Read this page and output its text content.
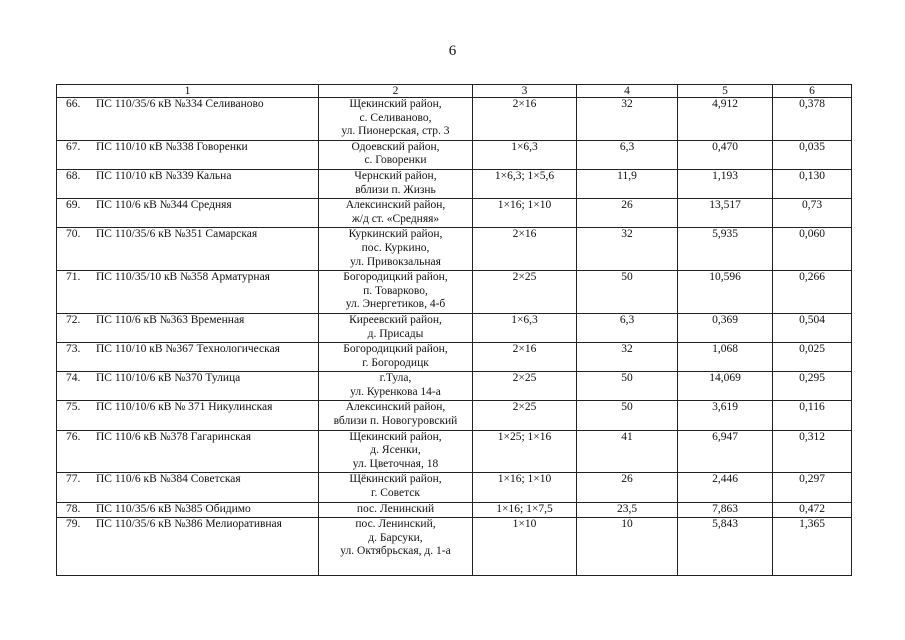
6
1	2	3	4	5	6
66. ПС 110/35/6 кВ №334 Селиваново	Щекинский район,
с. Селиваново,
ул. Пионерская, стр. 3	2×16	32	4,912	0,378
67. ПС 110/10 кВ №338 Говоренки	Одоевский район,
с. Говоренки	1×6,3	6,3	0,470	0,035
68. ПС 110/10 кВ №339 Кальна	Чернский район,
вблизи п. Жизнь	1×6,3; 1×5,6	11,9	1,193	0,130
69. ПС 110/6 кВ №344 Средняя	Алексинский район,
ж/д ст. «Средняя»	1×16; 1×10	26	13,517	0,73
70. ПС 110/35/6 кВ №351 Самарская	Куркинский район,
пос. Куркино,
ул. Привокзальная	2×16	32	5,935	0,060
71. ПС 110/35/10 кВ №358 Арматурная	Богородицкий район,
п. Товарково,
ул. Энергетиков, 4-б	2×25	50	10,596	0,266
72. ПС 110/6 кВ №363 Временная	Киреевский район,
д. Присады	1×6,3	6,3	0,369	0,504
73. ПС 110/10 кВ №367 Технологическая	Богородицкий район,
г. Богородицк	2×16	32	1,068	0,025
74. ПС 110/10/6 кВ №370 Тулица	г.Тула,
ул. Куренкова 14-а	2×25	50	14,069	0,295
75. ПС 110/10/6 кВ № 371 Никулинская	Алексинский район,
вблизи п. Новогуровский	2×25	50	3,619	0,116
76. ПС 110/6 кВ №378 Гагаринская	Щекинский район,
д. Ясенки,
ул. Цветочная, 18	1×25; 1×16	41	6,947	0,312
77. ПС 110/6 кВ №384 Советская	Щёкинский район,
г. Советск	1×16; 1×10	26	2,446	0,297
78. ПС 110/35/6 кВ №385 Обидимо	пос. Ленинский	1×16; 1×7,5	23,5	7,863	0,472
79. ПС 110/35/6 кВ №386 Мелиоративная	пос. Ленинский,
д. Барсуки,
ул. Октябрьская, д. 1-а	1×10	10	5,843	1,365
